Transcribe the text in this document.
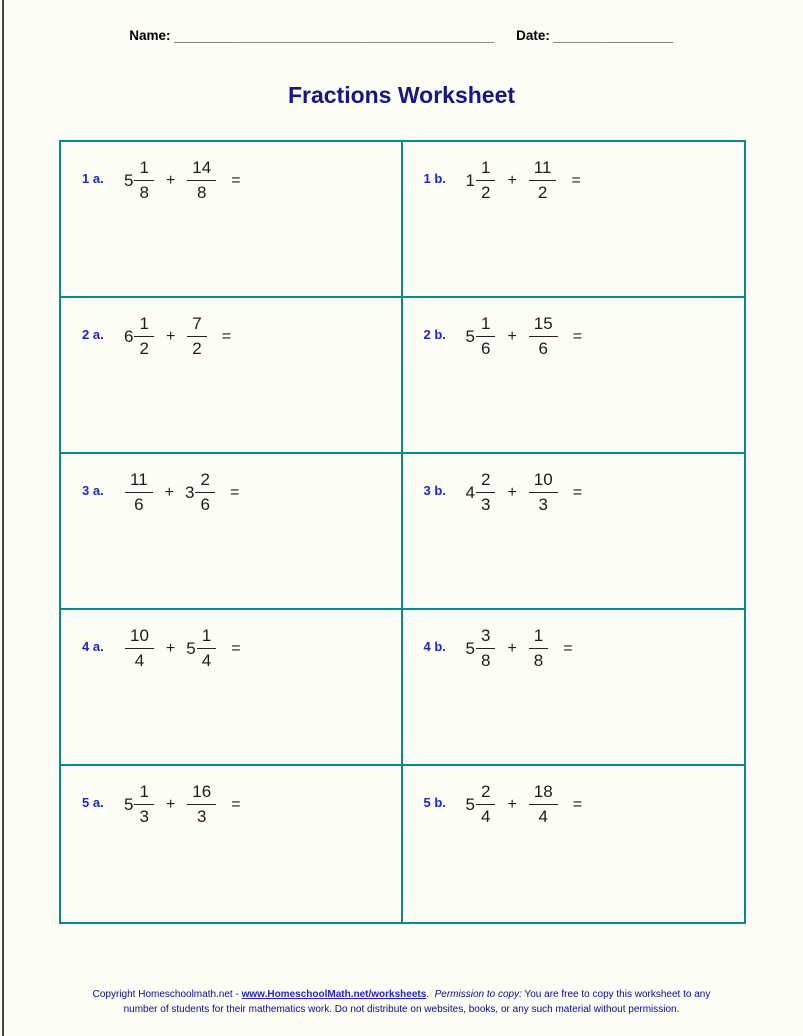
Name: ________________________________________ Date: _______________
Fractions Worksheet
1 a.	$5 \frac{1}{8} + \frac{14}{8}$ =	1 b.	$1 \frac{1}{2} + \frac{11}{2}$ =
2 a.	$6 \frac{1}{2} + \frac{7}{2}$ =	2 b.	$5 \frac{1}{6} + \frac{15}{6}$ =
3 a.	$\frac{11}{6} + 3 \frac{2}{6}$ =	3 b.	$4 \frac{2}{3} + \frac{10}{3}$ =
4 a.	$\frac{10}{4} + 5 \frac{1}{4}$ =	4 b.	$5 \frac{3}{8} + \frac{1}{8}$ =
5 a.	$5 \frac{1}{3} + \frac{16}{3}$ =	5 b.	$5 \frac{2}{4} + \frac{18}{4}$ =
Copyright Homeschoolmath.net - www.HomeschoolMath.net/worksheets.  Permission to copy: You are free to copy this worksheet to any
number of students for their mathematics work. Do not distribute on websites, books, or any such material without permission.
